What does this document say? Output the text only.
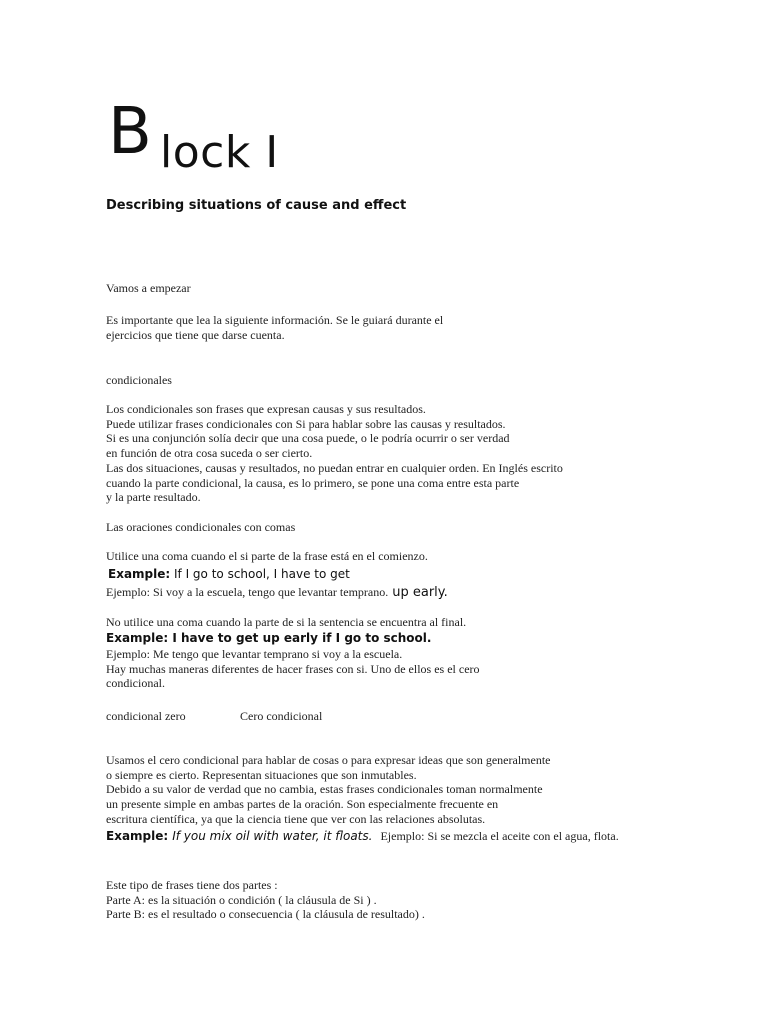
B lock I
Describing situations of cause and effect
Vamos a empezar
Es importante que lea la siguiente información. Se le guiará durante el
ejercicios que tiene que darse cuenta.
condicionales
Los condicionales son frases que expresan causas y sus resultados.
Puede utilizar frases condicionales con Si para hablar sobre las causas y resultados.
Si es una conjunción solía decir que una cosa puede, o le podría ocurrir o ser verdad
en función de otra cosa suceda o ser cierto.
Las dos situaciones, causas y resultados, no puedan entrar en cualquier orden. En Inglés escrito
cuando la parte condicional, la causa, es lo primero, se pone una coma entre esta parte
y la parte resultado.
Las oraciones condicionales con comas
Utilice una coma cuando el si parte de la frase está en el comienzo.
Example: If I go to school, I have to get
Ejemplo: Si voy a la escuela, tengo que levantar temprano. up early.
No utilice una coma cuando la parte de si la sentencia se encuentra al final.
Example: I have to get up early if I go to school.
Ejemplo: Me tengo que levantar temprano si voy a la escuela.
Hay muchas maneras diferentes de hacer frases con si. Uno de ellos es el cero
condicional.
condicional zero	Cero condicional
Usamos el cero condicional para hablar de cosas o para expresar ideas que son generalmente
o siempre es cierto. Representan situaciones que son inmutables.
Debido a su valor de verdad que no cambia, estas frases condicionales toman normalmente
un presente simple en ambas partes de la oración. Son especialmente frecuente en
escritura científica, ya que la ciencia tiene que ver con las relaciones absolutas.
Example: If you mix oil with water, it floats. Ejemplo: Si se mezcla el aceite con el agua, flota.
Este tipo de frases tiene dos partes :
Parte A: es la situación o condición ( la cláusula de Si ) .
Parte B: es el resultado o consecuencia ( la cláusula de resultado) .
